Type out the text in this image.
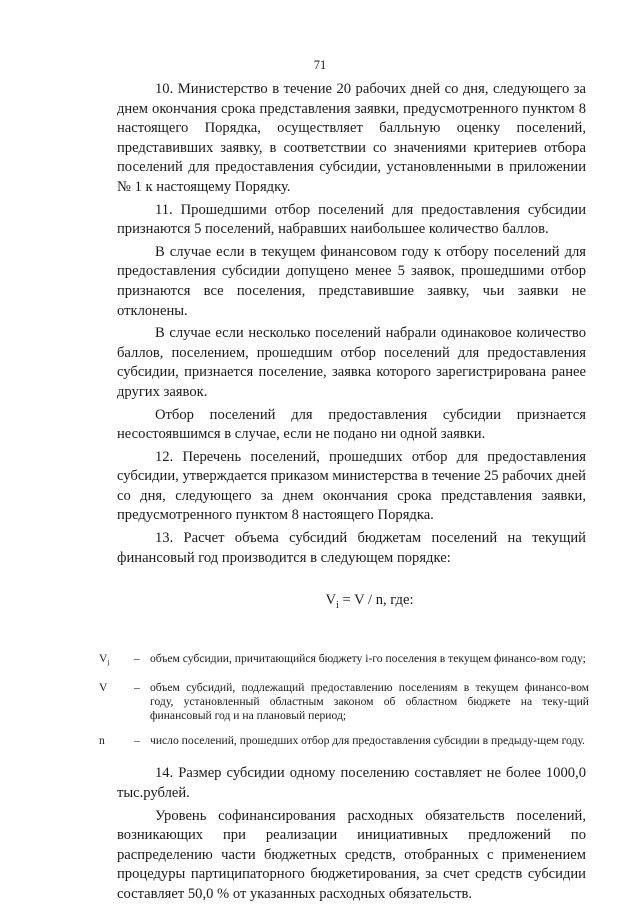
71

10. Министерство в течение 20 рабочих дней со дня, следующего за днем окончания срока представления заявки, предусмотренного пунктом 8 настоящего Порядка, осуществляет балльную оценку поселений, представивших заявку, в соответствии со значениями критериев отбора поселений для предоставления субсидии, установленными в приложении № 1 к настоящему Порядку.

11. Прошедшими отбор поселений для предоставления субсидии признаются 5 поселений, набравших наибольшее количество баллов.

В случае если в текущем финансовом году к отбору поселений для предоставления субсидии допущено менее 5 заявок, прошедшими отбор признаются все поселения, представившие заявку, чьи заявки не отклонены.

В случае если несколько поселений набрали одинаковое количество баллов, поселением, прошедшим отбор поселений для предоставления субсидии, признается поселение, заявка которого зарегистрирована ранее других заявок.

Отбор поселений для предоставления субсидии признается несостоявшимся в случае, если не подано ни одной заявки.

12. Перечень поселений, прошедших отбор для предоставления субсидии, утверждается приказом министерства в течение 25 рабочих дней со дня, следующего за днем окончания срока представления заявки, предусмотренного пунктом 8 настоящего Порядка.

13. Расчет объема субсидий бюджетам поселений на текущий финансовый год производится в следующем порядке:

$V_i = V / n$, где:
$V_i$	– объем субсидии, причитающийся бюджету i-го поселения в текущем финансо-вом году;
V	– объем субсидий, подлежащий предоставлению поселениям в текущем финансо-вом году, установленный областным законом об областном бюджете на теку-щий финансовый год и на плановый период;
n	– число поселений, прошедших отбор для предоставления субсидии в предыду-щем году.

14. Размер субсидии одному поселению составляет не более 1000,0 тыс.рублей.

Уровень софинансирования расходных обязательств поселений, возникающих при реализации инициативных предложений по распределению части бюджетных средств, отобранных с применением процедуры партиципаторного бюджетирования, за счет средств субсидии составляет 50,0 % от указанных расходных обязательств.
